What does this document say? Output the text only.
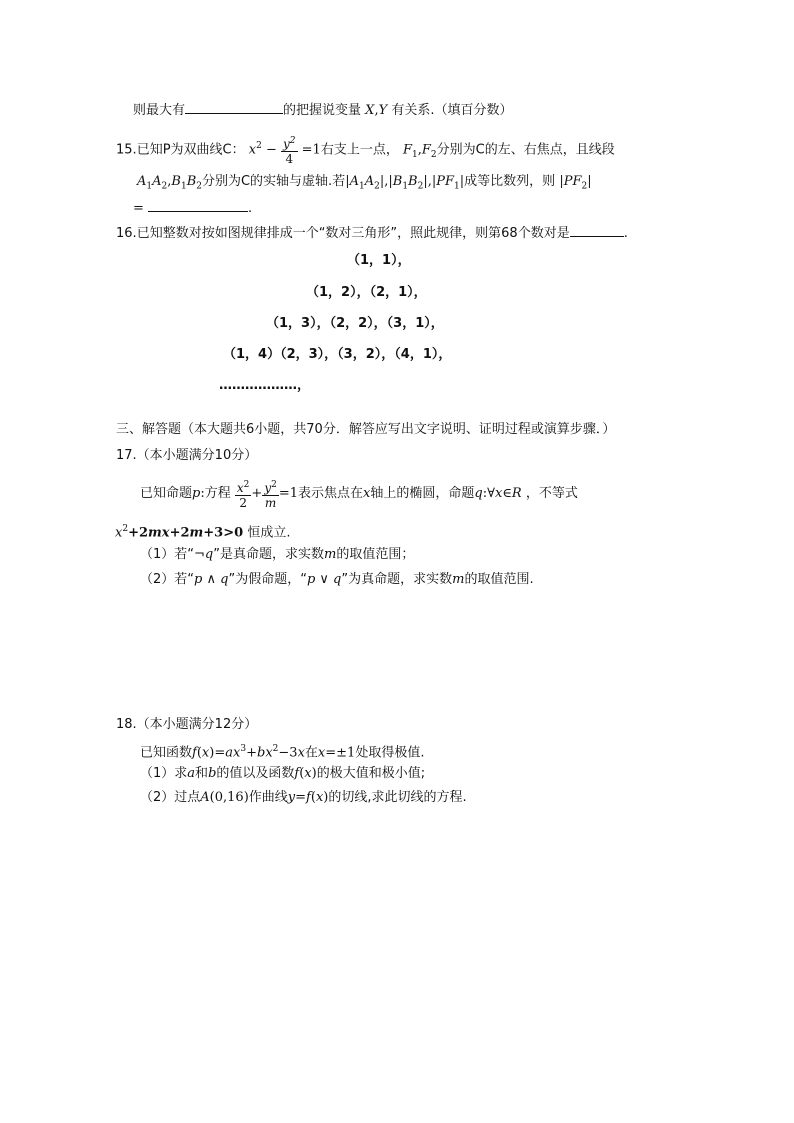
则最大有	的把握说变量 X,Y 有关系.（填百分数）
15.已知P为双曲线C： $x^2 - \frac{y^2}{4} =1$右支上一点， $F_1,F_2$分别为C的左、右焦点，且线段
$A_1A_2,B_1B_2$分别为C的实轴与虚轴.若$|A_1A_2|,|B_1B_2|,|PF_1|$成等比数列，则 $|PF_2|$
=	.
16.已知整数对按如图规律排成一个“数对三角形”，照此规律，则第68个数对是	.
（1，1），
（1，2），（2，1），
（1，3），（2，2），（3，1），
（1，4）（2，3），（3，2），（4，1），
………………，
三、解答题（本大题共6小题，共70分．解答应写出文字说明、证明过程或演算步骤．）
17.（本小题满分10分）
已知命题p:方程 $\frac{x^2}{2} + \frac{y^2}{m} =1$表示焦点在x轴上的椭圆，命题q:∀x∈R ，不等式
$x^2+2mx+2m+3>0$ 恒成立.
（1）若“¬q”是真命题，求实数m的取值范围；
（2）若“p ∧ q”为假命题，“p ∨ q”为真命题，求实数m的取值范围.
18.（本小题满分12分）
已知函数$f(x)=ax^3+bx^2-3x$在x=±1处取得极值.
（1）求a和b的值以及函数f(x)的极大值和极小值;
（2）过点A(0,16)作曲线y=f(x)的切线,求此切线的方程.
